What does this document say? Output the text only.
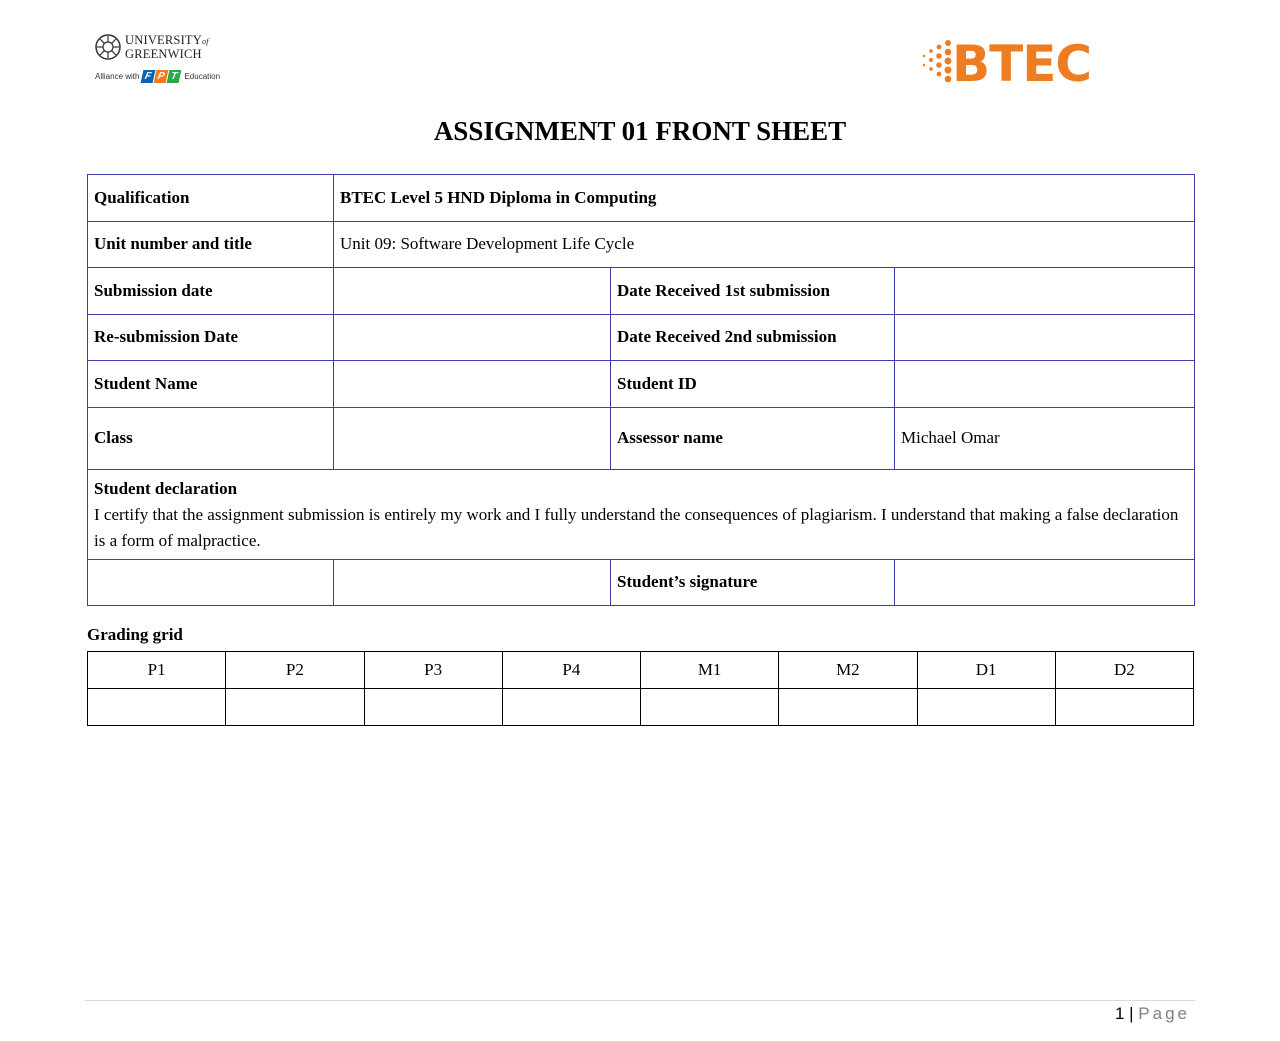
UNIVERSITYof
GREENWICH
Alliance with F P T Education	BTEC
ASSIGNMENT 01 FRONT SHEET
Qualification	BTEC Level 5 HND Diploma in Computing		
Unit number and title	Unit 09: Software Development Life Cycle		
Submission date		Date Received 1st submission	
Re-submission Date		Date Received 2nd submission	
Student Name		Student ID	
Class		Assessor name	Michael Omar

Student declaration
I certify that the assignment submission is entirely my work and I fully understand the consequences of plagiarism. I understand that making a false declaration is a form of malpractice.			

		Student’s signature	
Grading grid
P1	P2	P3	P4	M1	M2	D1	D2

1 | Page
